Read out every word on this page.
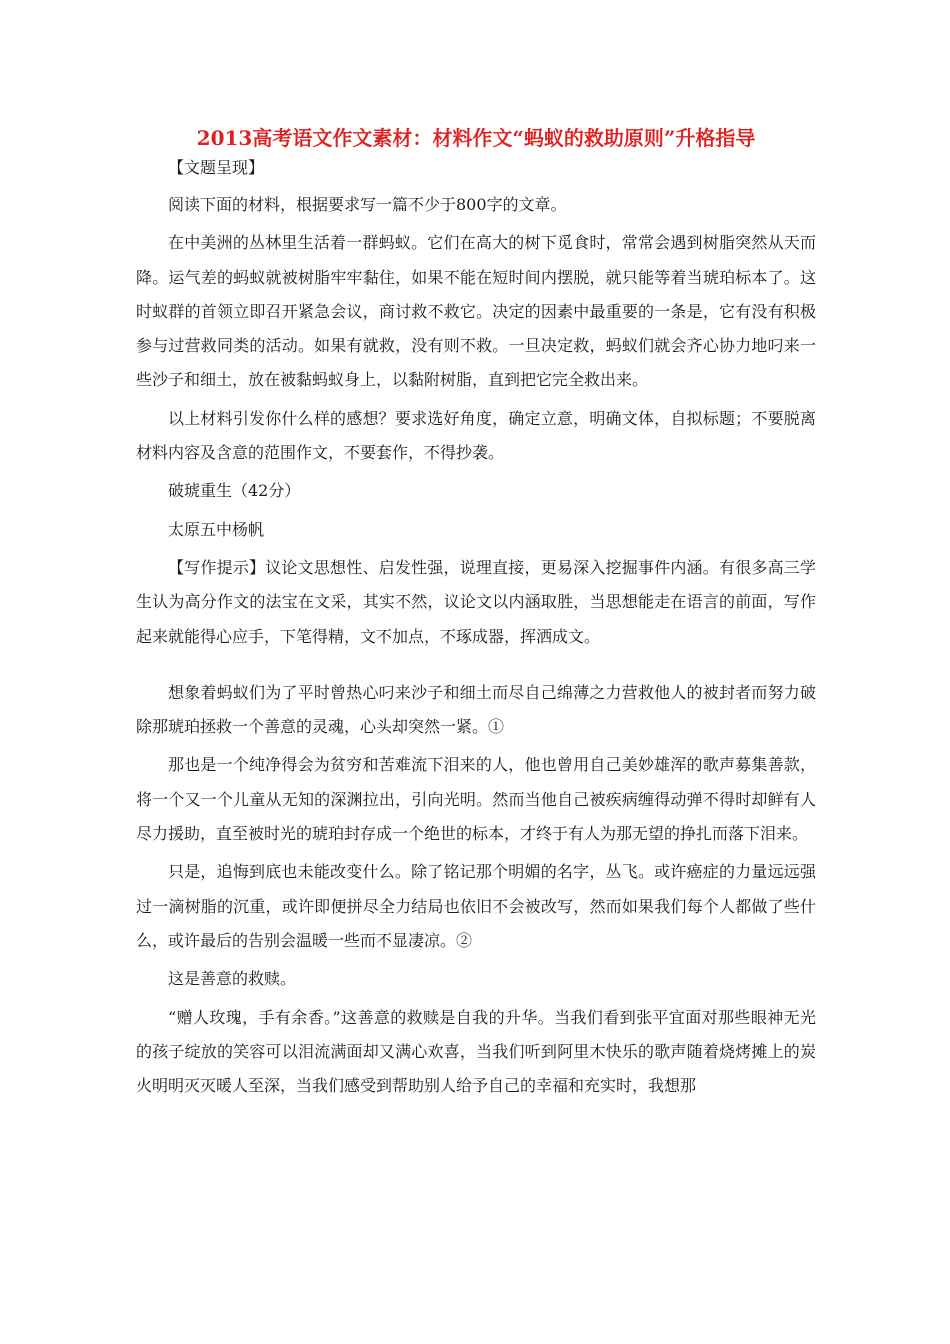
2013高考语文作文素材：材料作文“蚂蚁的救助原则”升格指导
【文题呈现】

阅读下面的材料，根据要求写一篇不少于800字的文章。

在中美洲的丛林里生活着一群蚂蚁。它们在高大的树下觅食时，常常会遇到树脂突然从天而降。运气差的蚂蚁就被树脂牢牢黏住，如果不能在短时间内摆脱，就只能等着当琥珀标本了。这时蚁群的首领立即召开紧急会议，商讨救不救它。决定的因素中最重要的一条是，它有没有积极参与过营救同类的活动。如果有就救，没有则不救。一旦决定救，蚂蚁们就会齐心协力地叼来一些沙子和细土，放在被黏蚂蚁身上，以黏附树脂，直到把它完全救出来。

以上材料引发你什么样的感想？要求选好角度，确定立意，明确文体，自拟标题；不要脱离材料内容及含意的范围作文，不要套作，不得抄袭。

破琥重生（42分）

太原五中杨帆

【写作提示】议论文思想性、启发性强，说理直接，更易深入挖掘事件内涵。有很多高三学生认为高分作文的法宝在文采，其实不然，议论文以内涵取胜，当思想能走在语言的前面，写作起来就能得心应手，下笔得精，文不加点，不琢成器，挥洒成文。

想象着蚂蚁们为了平时曾热心叼来沙子和细土而尽自己绵薄之力营救他人的被封者而努力破除那琥珀拯救一个善意的灵魂，心头却突然一紧。①

那也是一个纯净得会为贫穷和苦难流下泪来的人，他也曾用自己美妙雄浑的歌声募集善款，将一个又一个儿童从无知的深渊拉出，引向光明。然而当他自己被疾病缠得动弹不得时却鲜有人尽力援助，直至被时光的琥珀封存成一个绝世的标本，才终于有人为那无望的挣扎而落下泪来。

只是，追悔到底也未能改变什么。除了铭记那个明媚的名字，丛飞。或许癌症的力量远远强过一滴树脂的沉重，或许即便拼尽全力结局也依旧不会被改写，然而如果我们每个人都做了些什么，或许最后的告别会温暖一些而不显凄凉。②

这是善意的救赎。

“赠人玫瑰，手有余香。”这善意的救赎是自我的升华。当我们看到张平宜面对那些眼神无光的孩子绽放的笑容可以泪流满面却又满心欢喜，当我们听到阿里木快乐的歌声随着烧烤摊上的炭火明明灭灭暖人至深，当我们感受到帮助别人给予自己的幸福和充实时，我想那
